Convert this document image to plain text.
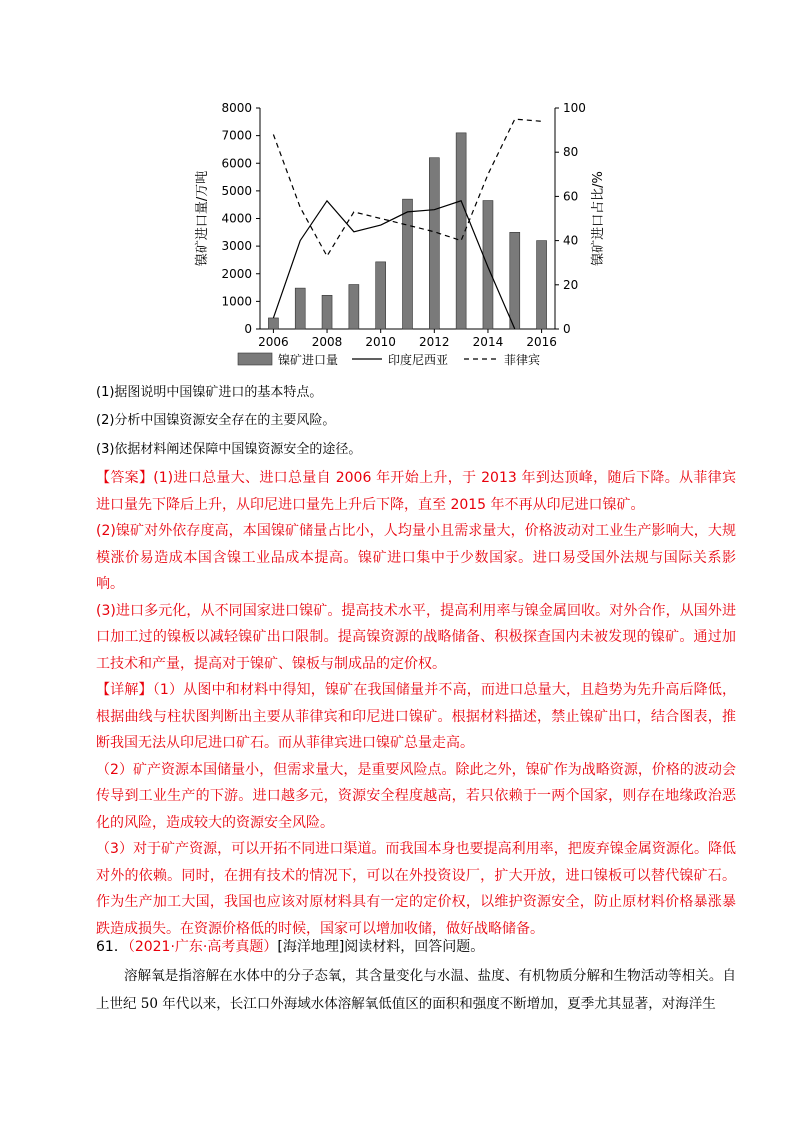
0
1000
2000
3000
4000
5000
6000
7000
8000
0
20
40
60
80
100
2006 2008 2010 2012 2014 2016
镍矿进口量/万吨	镍矿进口占比/%
镍矿进口量	印度尼西亚	菲律宾
(1)据图说明中国镍矿进口的基本特点。
(2)分析中国镍资源安全存在的主要风险。
(3)依据材料阐述保障中国镍资源安全的途径。
【答案】(1)进口总量大、进口总量自 2006 年开始上升，于 2013 年到达顶峰，随后下降。从菲律宾进口量先下降后上升，从印尼进口量先上升后下降，直至 2015 年不再从印尼进口镍矿。
(2)镍矿对外依存度高，本国镍矿储量占比小，人均量小且需求量大，价格波动对工业生产影响大，大规模涨价易造成本国含镍工业品成本提高。镍矿进口集中于少数国家。进口易受国外法规与国际关系影响。
(3)进口多元化，从不同国家进口镍矿。提高技术水平，提高利用率与镍金属回收。对外合作，从国外进口加工过的镍板以减轻镍矿出口限制。提高镍资源的战略储备、积极探查国内未被发现的镍矿。通过加工技术和产量，提高对于镍矿、镍板与制成品的定价权。
【详解】（1）从图中和材料中得知，镍矿在我国储量并不高，而进口总量大，且趋势为先升高后降低，根据曲线与柱状图判断出主要从菲律宾和印尼进口镍矿。根据材料描述，禁止镍矿出口，结合图表，推断我国无法从印尼进口矿石。而从菲律宾进口镍矿总量走高。
（2）矿产资源本国储量小，但需求量大，是重要风险点。除此之外，镍矿作为战略资源，价格的波动会传导到工业生产的下游。进口越多元，资源安全程度越高，若只依赖于一两个国家，则存在地缘政治恶化的风险，造成较大的资源安全风险。
（3）对于矿产资源，可以开拓不同进口渠道。而我国本身也要提高利用率，把废弃镍金属资源化。降低对外的依赖。同时，在拥有技术的情况下，可以在外投资设厂，扩大开放，进口镍板可以替代镍矿石。作为生产加工大国，我国也应该对原材料具有一定的定价权，以维护资源安全，防止原材料价格暴涨暴跌造成损失。在资源价格低的时候，国家可以增加收储，做好战略储备。
61．（2021·广东·高考真题）[海洋地理]阅读材料，回答问题。
溶解氧是指溶解在水体中的分子态氧，其含量变化与水温、盐度、有机物质分解和生物活动等相关。自上世纪 50 年代以来，长江口外海域水体溶解氧低值区的面积和强度不断增加，夏季尤其显著，对海洋生
